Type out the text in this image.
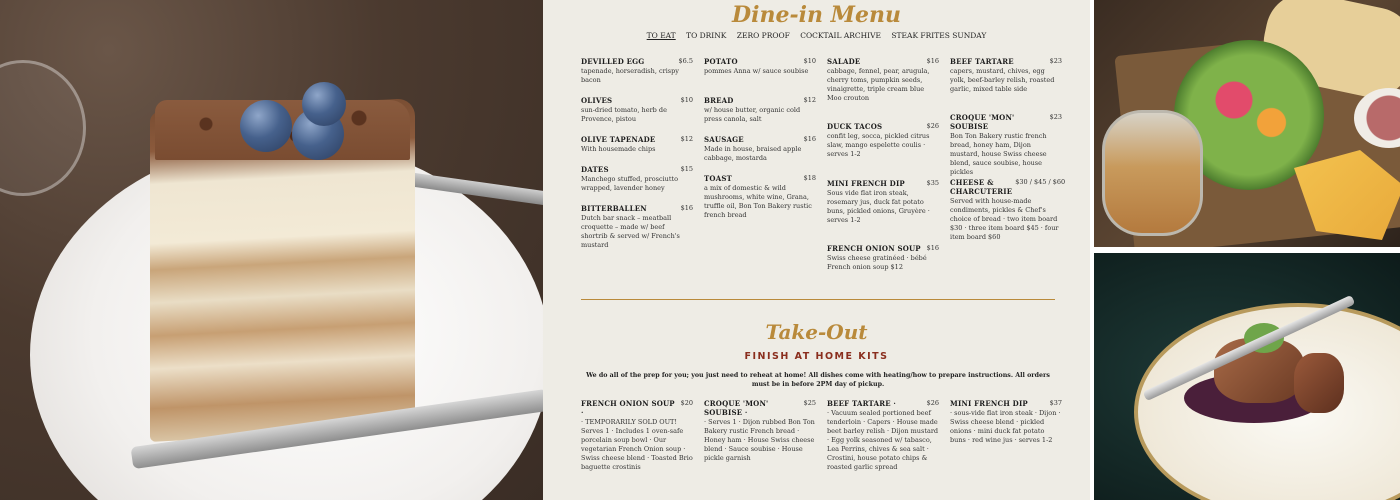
Dine-in Menu
TO EAT TO DRINK ZERO PROOF COCKTAIL ARCHIVE STEAK FRITES SUNDAY
DEVILLED EGG	$6.5
tapenade, horseradish, crispy bacon
OLIVES	$10
sun-dried tomato, herb de Provence, pistou
OLIVE TAPENADE	$12
With housemade chips
DATES	$15
Manchego stuffed, prosciutto wrapped, lavender honey
BITTERBALLEN	$16
Dutch bar snack – meatball croquette – made w/ beef shortrib & served w/ French's mustard
POTATO	$10
pommes Anna w/ sauce soubise
BREAD	$12
w/ house butter, organic cold press canola, salt
SAUSAGE	$16
Made in house, braised apple cabbage, mostarda
TOAST	$18
a mix of domestic & wild mushrooms, white wine, Grana, truffle oil, Bon Ton Bakery rustic french bread
SALADE	$16
cabbage, fennel, pear, arugula, cherry toms, pumpkin seeds, vinaigrette, triple cream blue Moo crouton
DUCK TACOS	$26
confit leg, socca, pickled citrus slaw, mango espelette coulis · serves 1-2
MINI FRENCH DIP	$35
Sous vide flat iron steak, rosemary jus, duck fat potato buns, pickled onions, Gruyère · serves 1-2
FRENCH ONION SOUP $16
Swiss cheese gratinéed · bébé French onion soup $12
BEEF TARTARE	$23
capers, mustard, chives, egg yolk, beef-barley relish, roasted garlic, mixed table side
CROQUE 'MON' SOUBISE
$23
Bon Ton Bakery rustic french bread, honey ham, Dijon mustard, house Swiss cheese blend, sauce soubise, house pickles
CHEESE & CHARCUTERIE
$30 / $45 / $60
Served with house-made condiments, pickles & Chef's choice of bread · two item board $30 · three item board $45 · four item board $60
Take-Out
FINISH AT HOME KITS
We do all of the prep for you; you just need to reheat at home! All dishes come with heating/how to prepare instructions. All orders must be in before 2PM day of pickup.
FRENCH ONION SOUP ·
$20
· TEMPORARILY SOLD OUT! Serves 1 · Includes 1 oven-safe porcelain soup bowl · Our vegetarian French Onion soup · Swiss cheese blend · Toasted Brio baguette crostinis
CROQUE 'MON' SOUBISE ·
$25
· Serves 1 · Dijon rubbed Bon Ton Bakery rustic French bread · Honey ham · House Swiss cheese blend · Sauce soubise · House pickle garnish
BEEF TARTARE ·	$26
· Vacuum sealed portioned beef tenderloin · Capers · House made beet barley relish · Dijon mustard · Egg yolk seasoned w/ tabasco, Lea Perrins, chives & sea salt · Crostini, house potato chips & roasted garlic spread
MINI FRENCH DIP	$37
· sous-vide flat iron steak · Dijon · Swiss cheese blend · pickled onions · mini duck fat potato buns · red wine jus · serves 1-2
